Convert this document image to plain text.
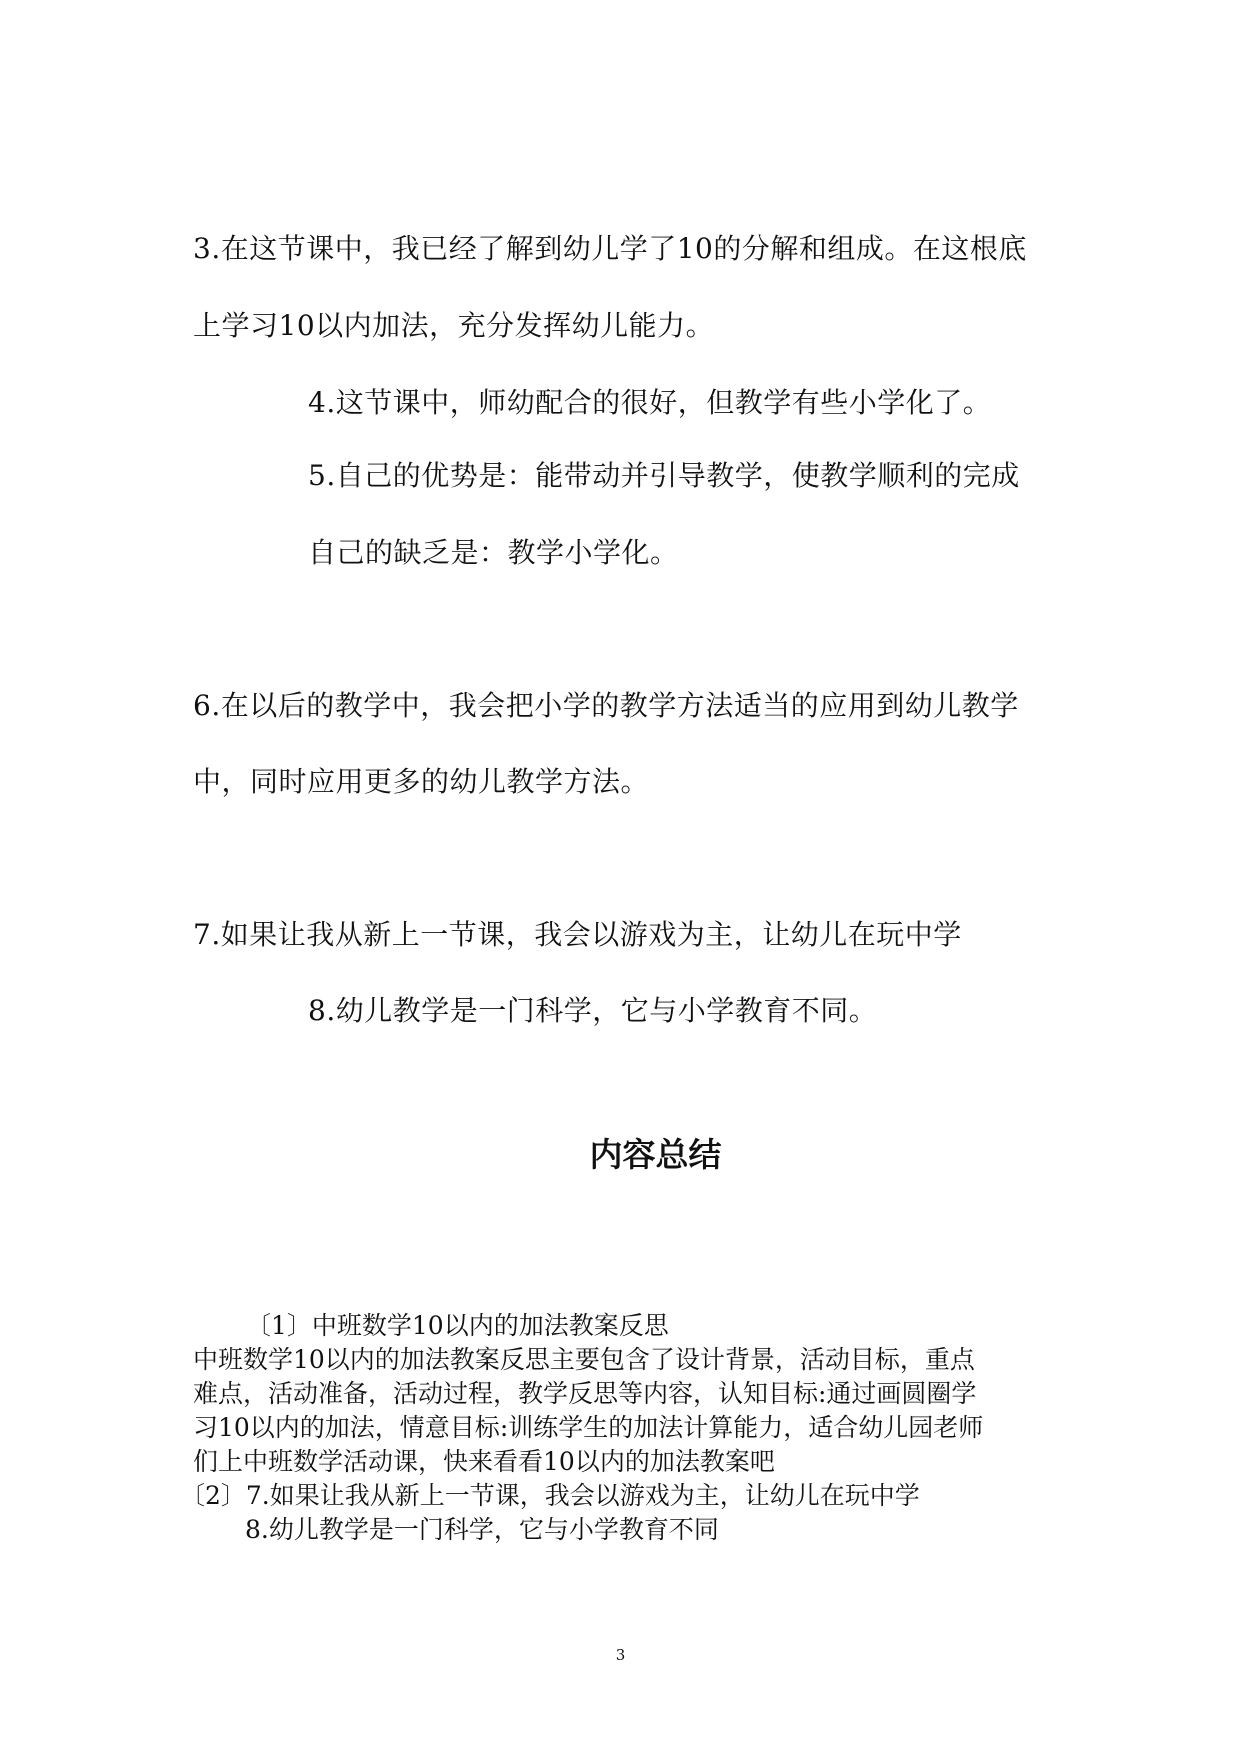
3.在这节课中，我已经了解到幼儿学了10的分解和组成。在这根底
上学习10以内加法，充分发挥幼儿能力。
4.这节课中，师幼配合的很好，但教学有些小学化了。
5.自己的优势是：能带动并引导教学，使教学顺利的完成
自己的缺乏是：教学小学化。
6.在以后的教学中，我会把小学的教学方法适当的应用到幼儿教学
中，同时应用更多的幼儿教学方法。
7.如果让我从新上一节课，我会以游戏为主，让幼儿在玩中学
8.幼儿教学是一门科学，它与小学教育不同。
内容总结
〔1〕中班数学10以内的加法教案反思
中班数学10以内的加法教案反思主要包含了设计背景，活动目标，重点
难点，活动准备，活动过程，教学反思等内容，认知目标:通过画圆圈学
习10以内的加法，情意目标:训练学生的加法计算能力，适合幼儿园老师
们上中班数学活动课，快来看看10以内的加法教案吧
〔2〕7.如果让我从新上一节课，我会以游戏为主，让幼儿在玩中学
8.幼儿教学是一门科学，它与小学教育不同
3
